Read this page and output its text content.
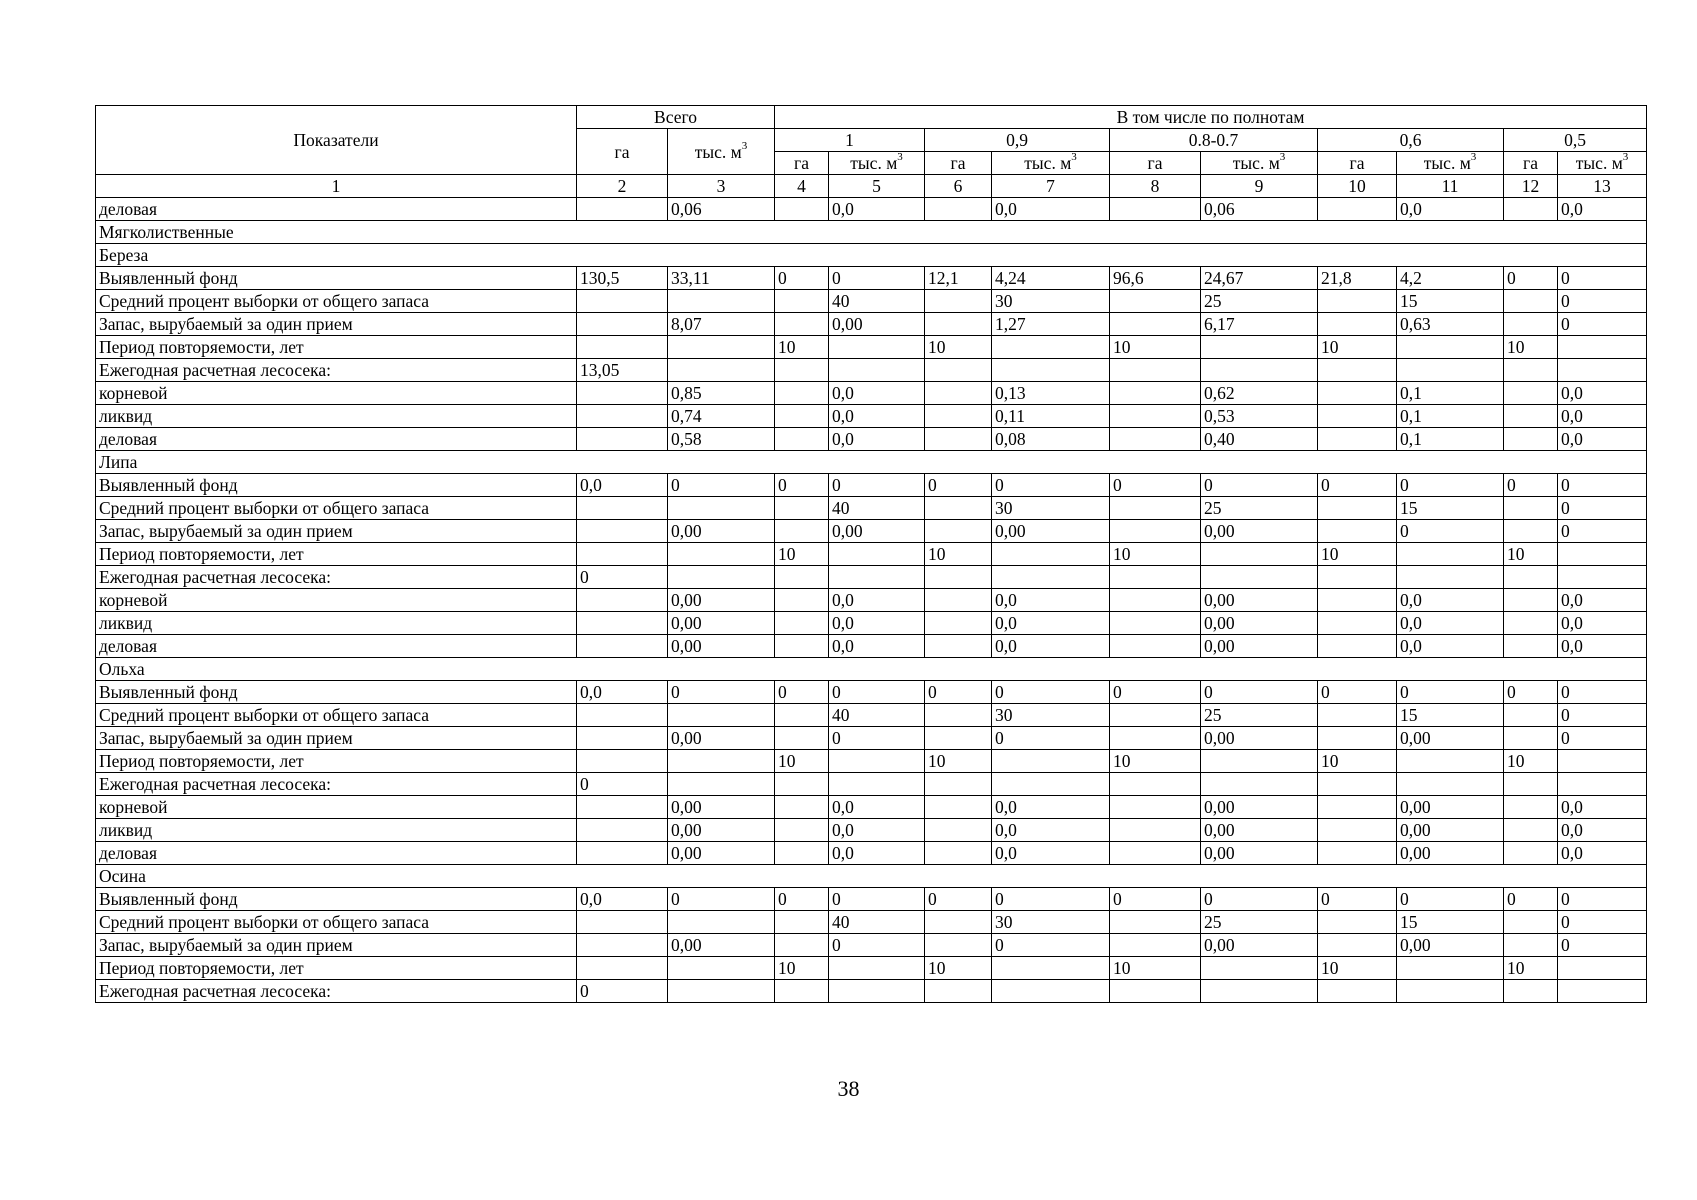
Показатели	Всего		В том числе по полнотам									
	га	тыс. $м^3$	1		0,9		0.8-0.7		0,6		0,5	
			га	тыс. $м^3$	га	тыс. $м^3$	га	тыс. $м^3$	га	тыс. $м^3$	га	тыс. $м^3$
1	2	3	4	5	6	7	8	9	10	11	12	13
деловая		0,06		0,0		0,0		0,06		0,0		0,0
Мягколиственные												
Береза												
Выявленный фонд	130,5	33,11	0	0	12,1	4,24	96,6	24,67	21,8	4,2	0	0
Средний процент выборки от общего запаса				40		30		25		15		0
Запас, вырубаемый за один прием		8,07		0,00		1,27		6,17		0,63		0
Период повторяемости, лет			10		10		10		10		10	
Ежегодная расчетная лесосека:	13,05											
корневой		0,85		0,0		0,13		0,62		0,1		0,0
ликвид		0,74		0,0		0,11		0,53		0,1		0,0
деловая		0,58		0,0		0,08		0,40		0,1		0,0
Липа												
Выявленный фонд	0,0	0	0	0	0	0	0	0	0	0	0	0
Средний процент выборки от общего запаса				40		30		25		15		0
Запас, вырубаемый за один прием		0,00		0,00		0,00		0,00		0		0
Период повторяемости, лет			10		10		10		10		10	
Ежегодная расчетная лесосека:	0											
корневой		0,00		0,0		0,0		0,00		0,0		0,0
ликвид		0,00		0,0		0,0		0,00		0,0		0,0
деловая		0,00		0,0		0,0		0,00		0,0		0,0
Ольха												
Выявленный фонд	0,0	0	0	0	0	0	0	0	0	0	0	0
Средний процент выборки от общего запаса				40		30		25		15		0
Запас, вырубаемый за один прием		0,00		0		0		0,00		0,00		0
Период повторяемости, лет			10		10		10		10		10	
Ежегодная расчетная лесосека:	0											
корневой		0,00		0,0		0,0		0,00		0,00		0,0
ликвид		0,00		0,0		0,0		0,00		0,00		0,0
деловая		0,00		0,0		0,0		0,00		0,00		0,0
Осина												
Выявленный фонд	0,0	0	0	0	0	0	0	0	0	0	0	0
Средний процент выборки от общего запаса				40		30		25		15		0
Запас, вырубаемый за один прием		0,00		0		0		0,00		0,00		0
Период повторяемости, лет			10		10		10		10		10	
Ежегодная расчетная лесосека:	0											
38
